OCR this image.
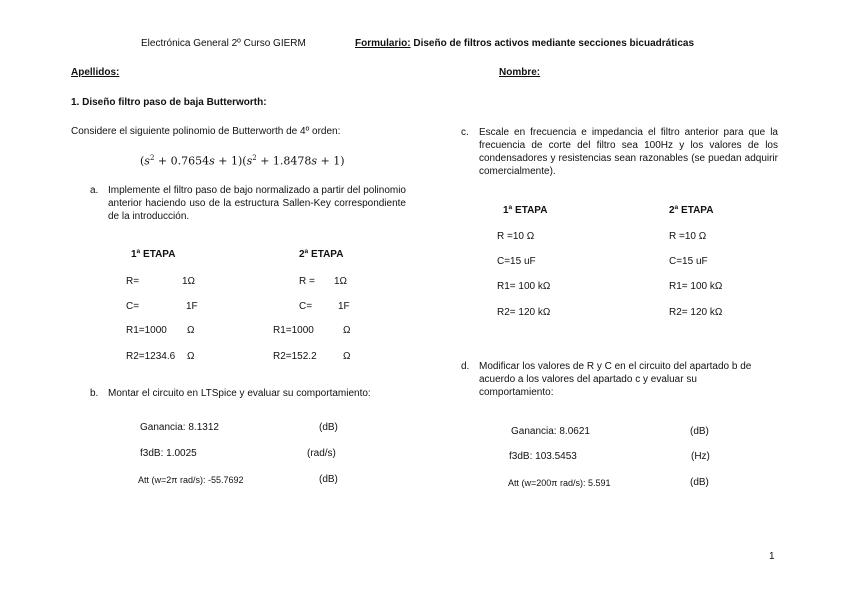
Electrónica General 2º Curso GIERM	Formulario: Diseño de filtros activos mediante secciones bicuadráticas
Apellidos:	Nombre:
1. Diseño filtro paso de baja Butterworth:
Considere el siguiente polinomio de Butterworth de 4º orden:
$(s^2 + 0.7654s + 1)(s^2 + 1.8478s + 1)$
a. Implemente el filtro paso de bajo normalizado a partir del polinomio anterior haciendo uso de la estructura Sallen-Key correspondiente de la introducción.
1ª ETAPA	2ª ETAPA
R=	1Ω	R = 1Ω
C=	1F	C=	1F
R1=1000 Ω	R1=1000	Ω
R2=1234.6 Ω	R2=152.2	Ω
b. Montar el circuito en LTSpice y evaluar su comportamiento:
Ganancia: 8.1312	(dB)
f3dB: 1.0025	(rad/s)
Att (w=2π rad/s): -55.7692	(dB)
c. Escale en frecuencia e impedancia el filtro anterior para que la frecuencia de corte del filtro sea 100Hz y los valores de los condensadores y resistencias sean razonables (se puedan adquirir comercialmente).
1ª ETAPA	2ª ETAPA
R =10 Ω	R =10 Ω
C=15 uF	C=15 uF
R1= 100 kΩ	R1= 100 kΩ
R2= 120 kΩ	R2= 120 kΩ
d. Modificar los valores de R y C en el circuito del apartado b de acuerdo a los valores del apartado c y evaluar su comportamiento:
Ganancia: 8.0621	(dB)
f3dB: 103.5453	(Hz)
Att (w=200π rad/s): 5.591	(dB)
1
